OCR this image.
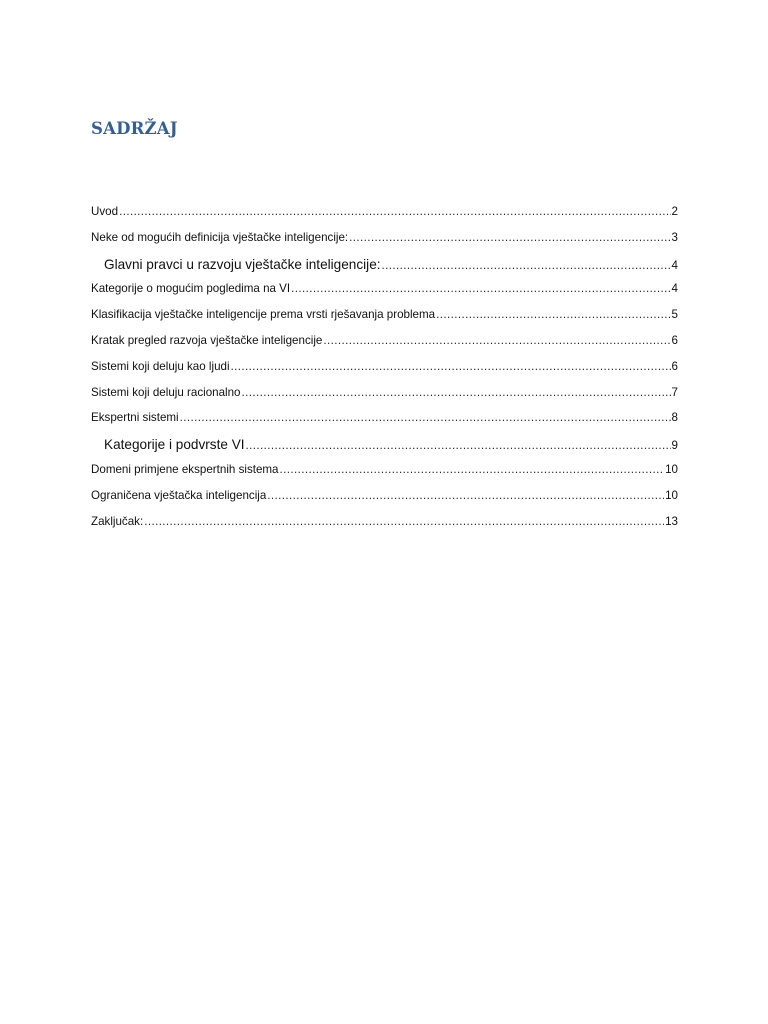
SADRŽAJ
Uvod .....	2
Neke od mogućih definicija vještačke inteligencije: .....	3
Glavni pravci u razvoju vještačke inteligencije: .....	4
Kategorije o mogućim pogledima na VI .....	4
Klasifikacija vještačke inteligencije prema vrsti rješavanja problema .....	5
Kratak pregled razvoja vještačke inteligencije .....	6
Sistemi koji deluju kao ljudi .....	6
Sistemi koji deluju racionalno .....	7
Ekspertni sistemi .....	8
Kategorije i podvrste VI .....	9
Domeni primjene ekspertnih sistema .....	10
Ograničena vještačka inteligencija .....	10
Zaključak: .....	13
